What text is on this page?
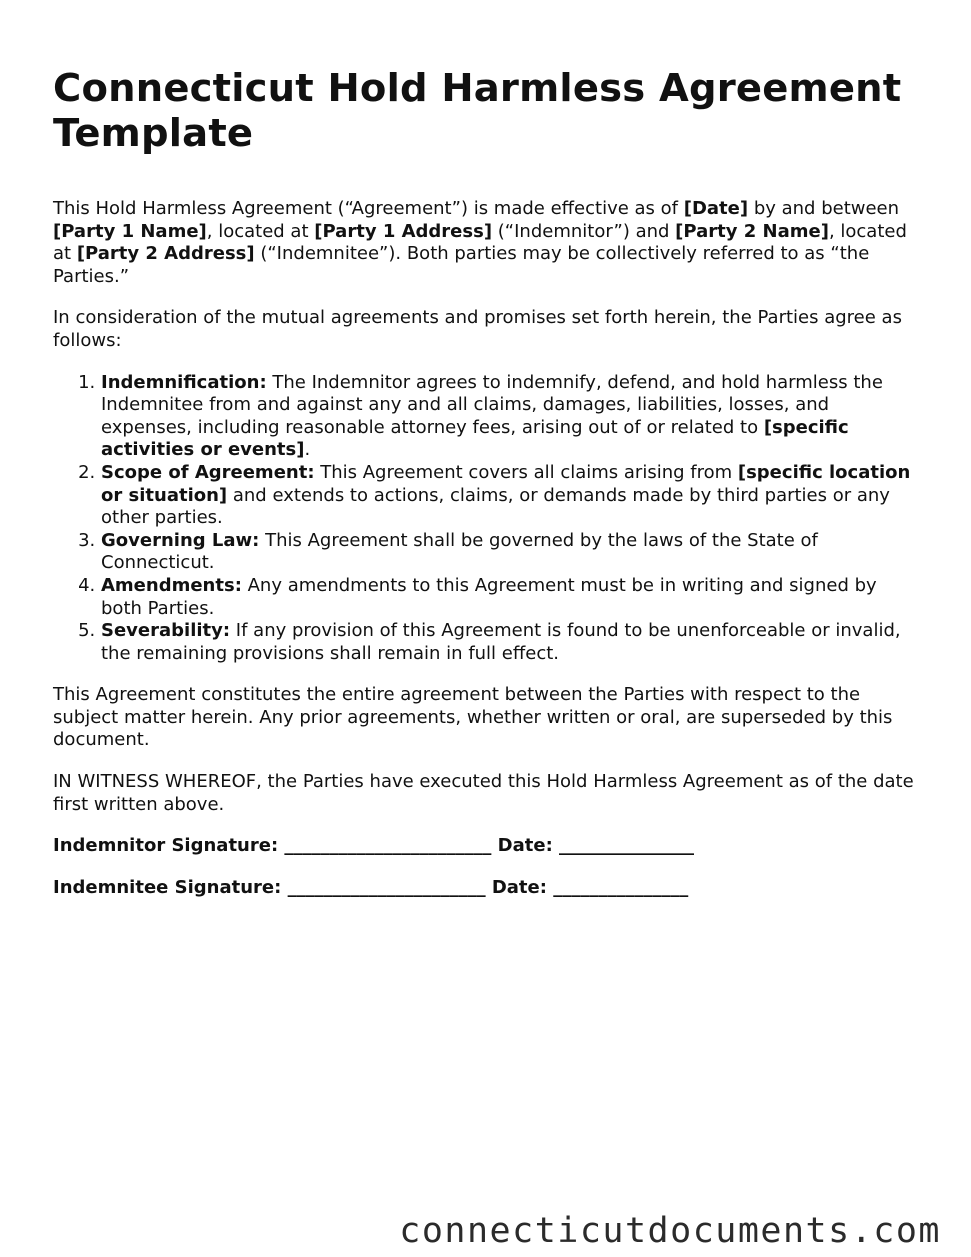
Connecticut Hold Harmless Agreement Template

This Hold Harmless Agreement (“Agreement”) is made effective as of [Date] by and between [Party 1 Name], located at [Party 1 Address] (“Indemnitor”) and [Party 2 Name], located at [Party 2 Address] (“Indemnitee”). Both parties may be collectively referred to as “the Parties.”

In consideration of the mutual agreements and promises set forth herein, the Parties agree as follows:

1. Indemnification: The Indemnitor agrees to indemnify, defend, and hold harmless the Indemnitee from and against any and all claims, damages, liabilities, losses, and expenses, including reasonable attorney fees, arising out of or related to [specific activities or events].
2. Scope of Agreement: This Agreement covers all claims arising from [specific location or situation] and extends to actions, claims, or demands made by third parties or any other parties.
3. Governing Law: This Agreement shall be governed by the laws of the State of Connecticut.
4. Amendments: Any amendments to this Agreement must be in writing and signed by both Parties.
5. Severability: If any provision of this Agreement is found to be unenforceable or invalid, the remaining provisions shall remain in full effect.

This Agreement constitutes the entire agreement between the Parties with respect to the subject matter herein. Any prior agreements, whether written or oral, are superseded by this document.

IN WITNESS WHEREOF, the Parties have executed this Hold Harmless Agreement as of the date first written above.

Indemnitor Signature: _______________________ Date: _______________
Indemnitee Signature: ______________________ Date: _______________
connecticutdocuments.com
